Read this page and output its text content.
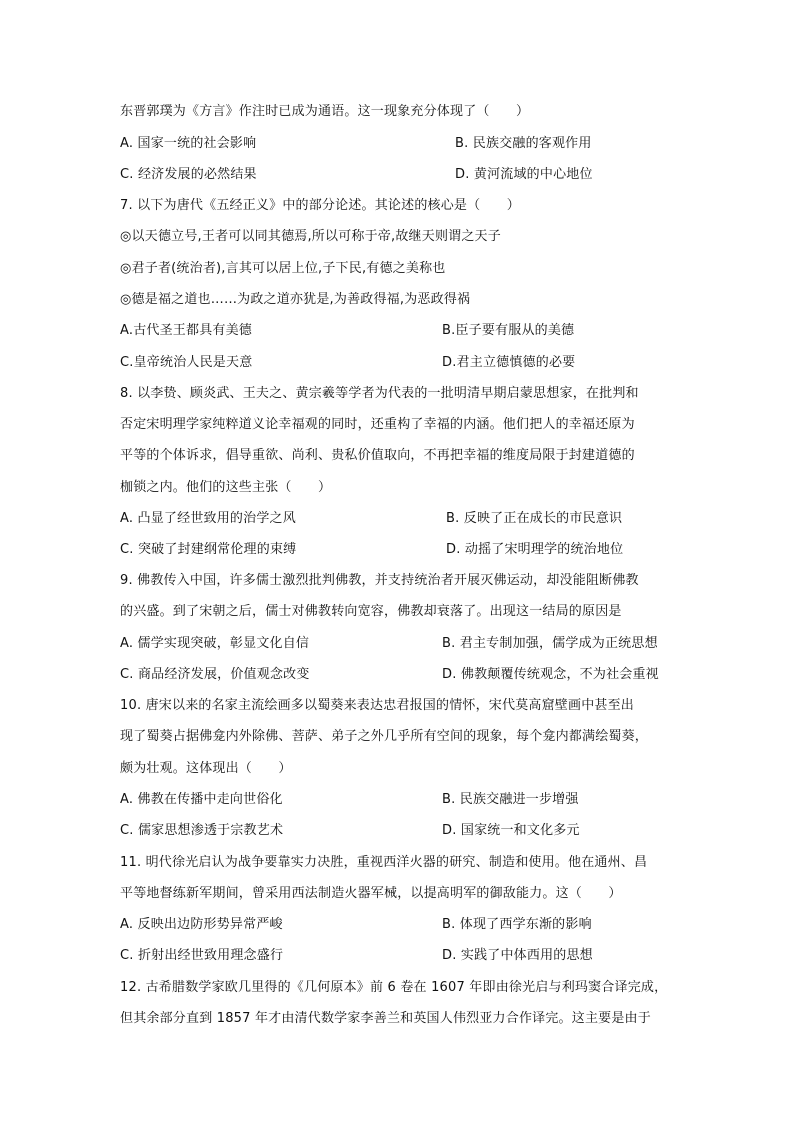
东晋郭璞为《方言》作注时已成为通语。这一现象充分体现了（　　）
A. 国家一统的社会影响	B. 民族交融的客观作用
C. 经济发展的必然结果	D. 黄河流域的中心地位
7. 以下为唐代《五经正义》中的部分论述。其论述的核心是（　　）
◎以天德立号,王者可以同其德焉,所以可称于帝,故继天则谓之天子
◎君子者(统治者),言其可以居上位,子下民,有德之美称也
◎德是福之道也……为政之道亦犹是,为善政得福,为恶政得祸
A.古代圣王都具有美德	B.臣子要有服从的美德
C.皇帝统治人民是天意	D.君主立德慎德的必要
8. 以李贽、顾炎武、王夫之、黄宗羲等学者为代表的一批明清早期启蒙思想家，在批判和
否定宋明理学家纯粹道义论幸福观的同时，还重构了幸福的内涵。他们把人的幸福还原为
平等的个体诉求，倡导重欲、尚利、贵私价值取向，不再把幸福的维度局限于封建道德的
枷锁之内。他们的这些主张（　　）
A. 凸显了经世致用的治学之风	B. 反映了正在成长的市民意识
C. 突破了封建纲常伦理的束缚	D. 动摇了宋明理学的统治地位
9. 佛教传入中国，许多儒士激烈批判佛教，并支持统治者开展灭佛运动，却没能阻断佛教
的兴盛。到了宋朝之后，儒士对佛教转向宽容，佛教却衰落了。出现这一结局的原因是
A. 儒学实现突破，彰显文化自信	B. 君主专制加强，儒学成为正统思想
C. 商品经济发展，价值观念改变	D. 佛教颠覆传统观念，不为社会重视
10. 唐宋以来的名家主流绘画多以蜀葵来表达忠君报国的情怀，宋代莫高窟壁画中甚至出
现了蜀葵占据佛龛内外除佛、菩萨、弟子之外几乎所有空间的现象，每个龛内都满绘蜀葵，
颇为壮观。这体现出（　　）
A. 佛教在传播中走向世俗化	B. 民族交融进一步增强
C. 儒家思想渗透于宗教艺术	D. 国家统一和文化多元
11. 明代徐光启认为战争要靠实力决胜，重视西洋火器的研究、制造和使用。他在通州、昌
平等地督练新军期间，曾采用西法制造火器军械，以提高明军的御敌能力。这（　　）
A. 反映出边防形势异常严峻	B. 体现了西学东渐的影响
C. 折射出经世致用理念盛行	D. 实践了中体西用的思想
12. 古希腊数学家欧几里得的《几何原本》前 6 卷在 1607 年即由徐光启与利玛窦合译完成，
但其余部分直到 1857 年才由清代数学家李善兰和英国人伟烈亚力合作译完。这主要是由于
